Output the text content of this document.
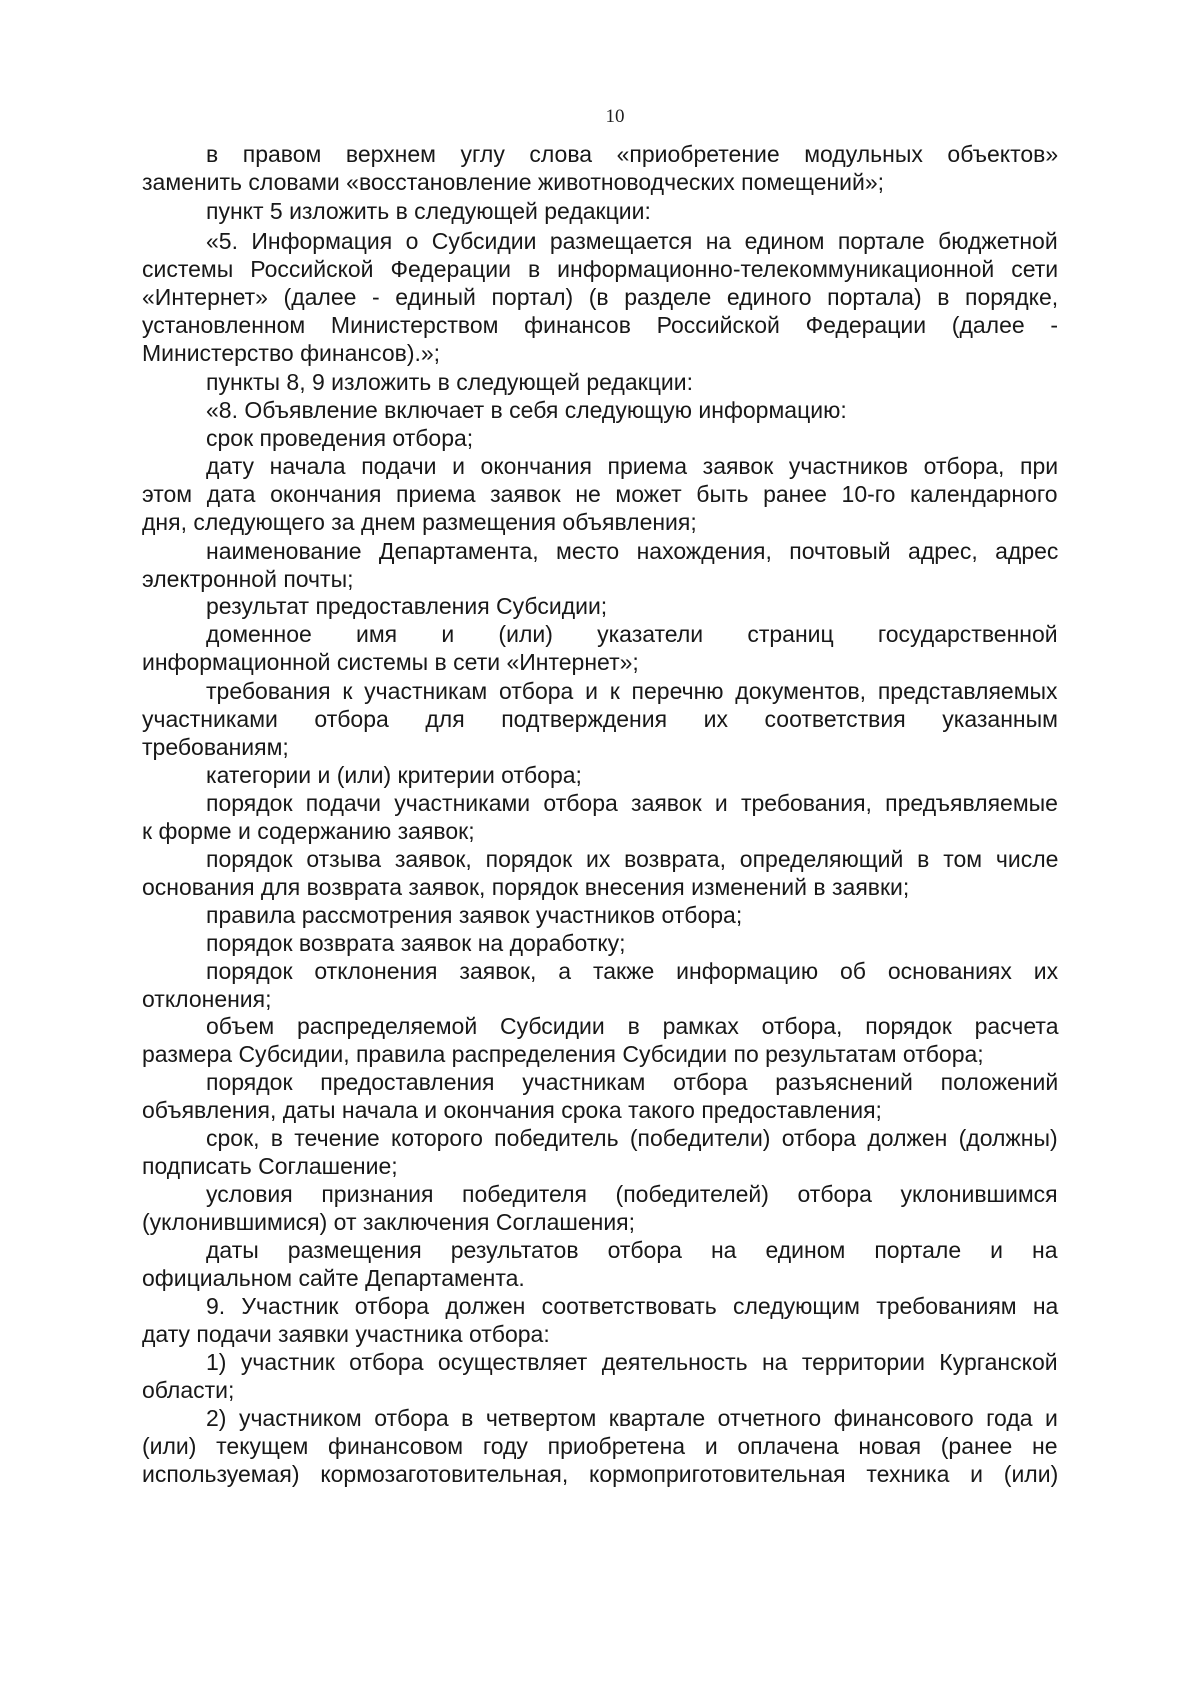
10
в правом верхнем углу слова «приобретение модульных объектов»
заменить словами «восстановление животноводческих помещений»;
пункт 5 изложить в следующей редакции:
«5. Информация о Субсидии размещается на едином портале бюджетной
системы Российской Федерации в информационно-телекоммуникационной сети
«Интернет» (далее - единый портал) (в разделе единого портала) в порядке,
установленном Министерством финансов Российской Федерации (далее -
Министерство финансов).»;
пункты 8, 9 изложить в следующей редакции:
«8. Объявление включает в себя следующую информацию:
срок проведения отбора;
дату начала подачи и окончания приема заявок участников отбора, при
этом дата окончания приема заявок не может быть ранее 10-го календарного
дня, следующего за днем размещения объявления;
наименование Департамента, место нахождения, почтовый адрес, адрес
электронной почты;
результат предоставления Субсидии;
доменное имя и (или) указатели страниц государственной
информационной системы в сети «Интернет»;
требования к участникам отбора и к перечню документов, представляемых
участниками отбора для подтверждения их соответствия указанным
требованиям;
категории и (или) критерии отбора;
порядок подачи участниками отбора заявок и требования, предъявляемые
к форме и содержанию заявок;
порядок отзыва заявок, порядок их возврата, определяющий в том числе
основания для возврата заявок, порядок внесения изменений в заявки;
правила рассмотрения заявок участников отбора;
порядок возврата заявок на доработку;
порядок отклонения заявок, а также информацию об основаниях их
отклонения;
объем распределяемой Субсидии в рамках отбора, порядок расчета
размера Субсидии, правила распределения Субсидии по результатам отбора;
порядок предоставления участникам отбора разъяснений положений
объявления, даты начала и окончания срока такого предоставления;
срок, в течение которого победитель (победители) отбора должен (должны)
подписать Соглашение;
условия признания победителя (победителей) отбора уклонившимся
(уклонившимися) от заключения Соглашения;
даты размещения результатов отбора на едином портале и на
официальном сайте Департамента.
9. Участник отбора должен соответствовать следующим требованиям на
дату подачи заявки участника отбора:
1) участник отбора осуществляет деятельность на территории Курганской
области;
2) участником отбора в четвертом квартале отчетного финансового года и
(или) текущем финансовом году приобретена и оплачена новая (ранее не
используемая) кормозаготовительная, кормоприготовительная техника и (или)
